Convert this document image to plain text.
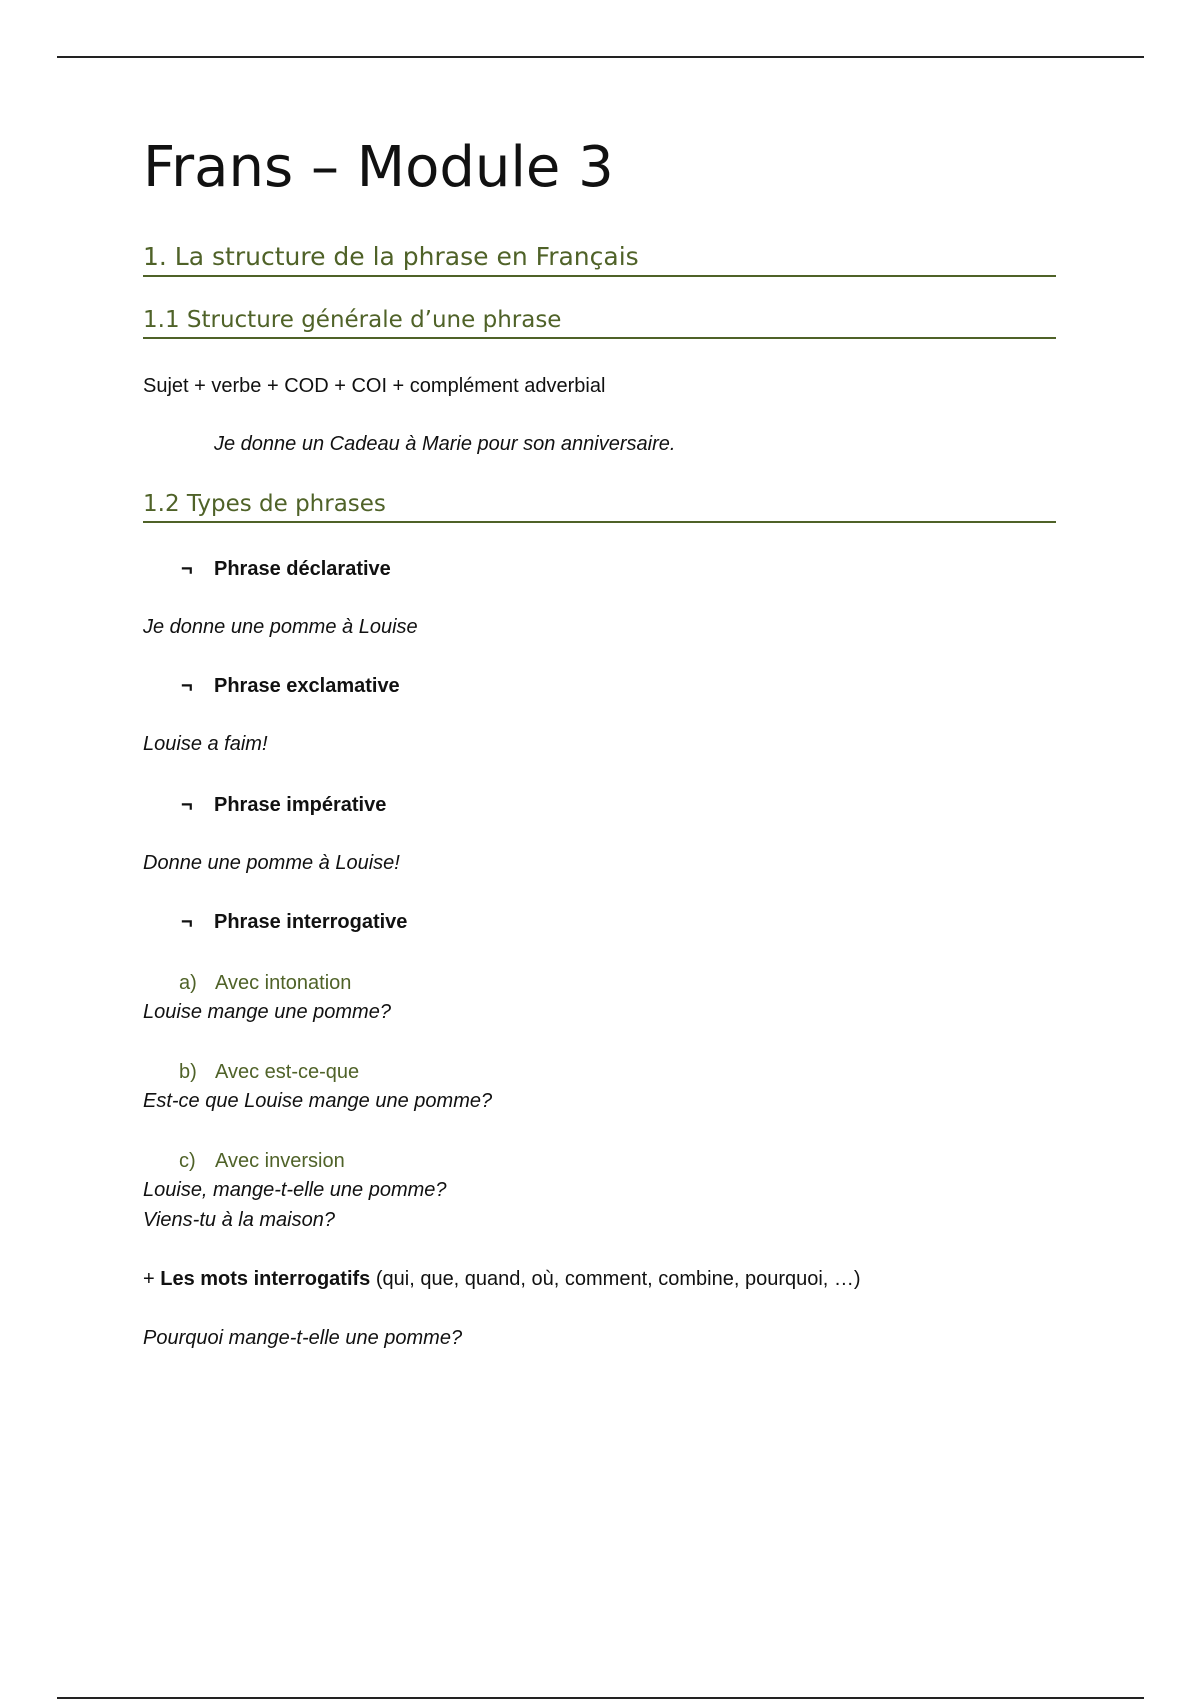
Frans – Module 3
1. La structure de la phrase en Français
1.1 Structure générale d’une phrase
Sujet + verbe + COD + COI + complément adverbial
Je donne un Cadeau à Marie pour son anniversaire.
1.2 Types de phrases
¬ Phrase déclarative
Je donne une pomme à Louise
¬ Phrase exclamative
Louise a faim!
¬ Phrase impérative
Donne une pomme à Louise!
¬ Phrase interrogative
a) Avec intonation
Louise mange une pomme?
b) Avec est-ce-que
Est-ce que Louise mange une pomme?
c) Avec inversion
Louise, mange-t-elle une pomme?
Viens-tu à la maison?
+ Les mots interrogatifs (qui, que, quand, où, comment, combine, pourquoi, …)
Pourquoi mange-t-elle une pomme?
